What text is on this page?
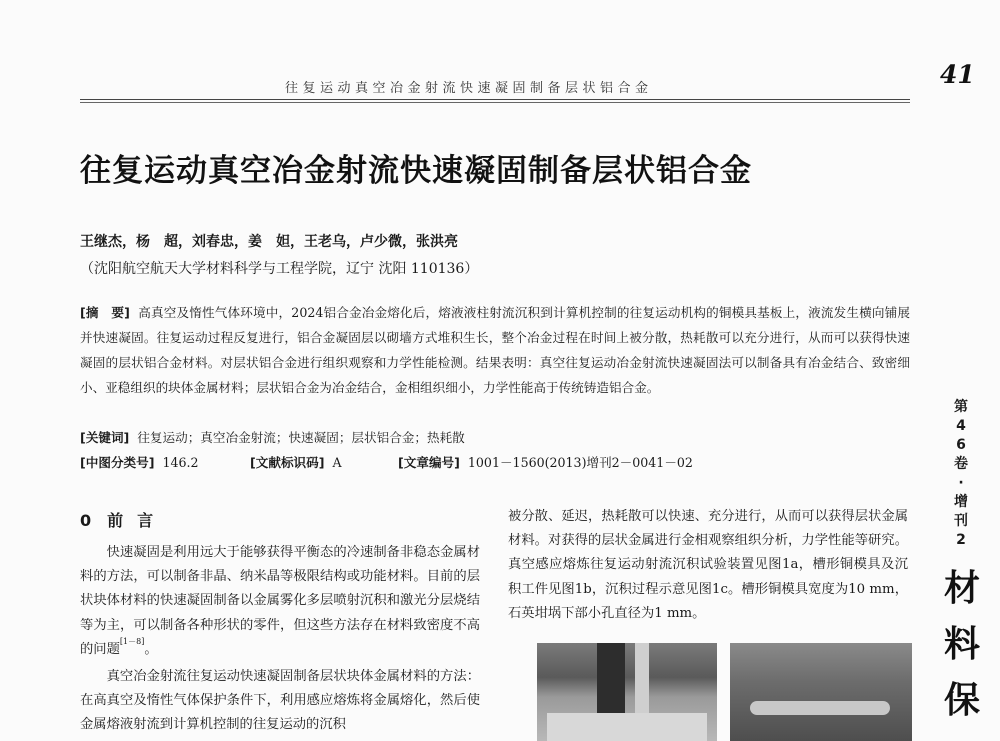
往复运动真空冶金射流快速凝固制备层状铝合金	41
往复运动真空冶金射流快速凝固制备层状铝合金
王继杰，杨　超，刘春忠，姜　妲，王老乌，卢少微，张洪亮
（沈阳航空航天大学材料科学与工程学院，辽宁 沈阳 110136）
[摘　要] 高真空及惰性气体环境中，2024铝合金冶金熔化后，熔液液柱射流沉积到计算机控制的往复运动机构的铜模具基板上，液流发生横向铺展并快速凝固。往复运动过程反复进行，铝合金凝固层以砌墙方式堆积生长，整个冶金过程在时间上被分散，热耗散可以充分进行，从而可以获得快速凝固的层状铝合金材料。对层状铝合金进行组织观察和力学性能检测。结果表明：真空往复运动冶金射流快速凝固法可以制备具有冶金结合、致密细小、亚稳组织的块体金属材料；层状铝合金为冶金结合，金相组织细小，力学性能高于传统铸造铝合金。
[关键词] 往复运动；真空冶金射流；快速凝固；层状铝合金；热耗散
[中图分类号] 146.2	[文献标识码] A	[文章编号] 1001－1560(2013)增刊2－0041－02
0 前言

快速凝固是利用远大于能够获得平衡态的冷速制备非稳态金属材料的方法，可以制备非晶、纳米晶等极限结构或功能材料。目前的层状块体材料的快速凝固制备以金属雾化多层喷射沉积和激光分层烧结等为主，可以制备各种形状的零件，但这些方法存在材料致密度不高的问题[1－8]。

真空冶金射流往复运动快速凝固制备层状块体金属材料的方法：在高真空及惰性气体保护条件下，利用感应熔炼将金属熔化，然后使金属熔液射流到计算机控制的往复运动的沉积

被分散、延迟，热耗散可以快速、充分进行，从而可以获得层状金属材料。对获得的层状金属进行金相观察组织分析，力学性能等研究。真空感应熔炼往复运动射流沉积试验装置见图1a，槽形铜模具及沉积工件见图1b，沉积过程示意见图1c。槽形铜模具宽度为10 mm，石英坩埚下部小孔直径为1 mm。
第
4
6
卷
·
增
刊
2
材
料
保
